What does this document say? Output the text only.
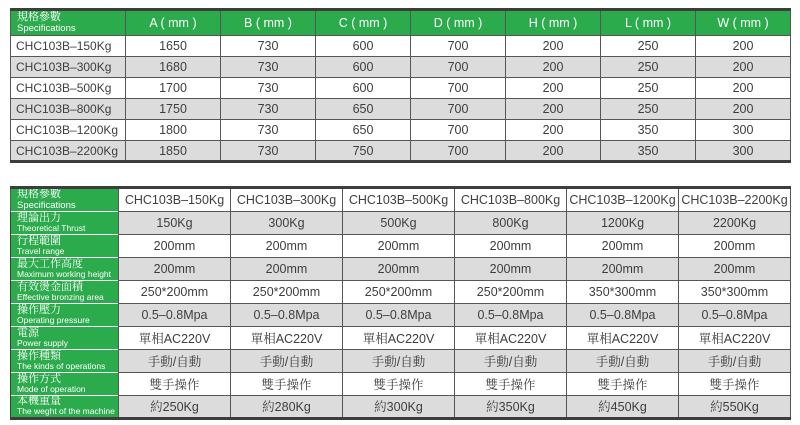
規格參數
Specifications	A ( mm )	B ( mm )	C ( mm )	D ( mm )	H ( mm )	L ( mm )	W ( mm )
CHC103B–150Kg	1650	730	600	700	200	250	200
CHC103B–300Kg	1680	730	600	700	200	250	200
CHC103B–500Kg	1700	730	600	700	200	250	200
CHC103B–800Kg	1750	730	650	700	200	250	200
CHC103B–1200Kg	1800	730	650	700	200	350	300
CHC103B–2200Kg	1850	730	750	700	200	350	300
規格參數
Specifications	CHC103B–150Kg	CHC103B–300Kg	CHC103B–500Kg	CHC103B–800Kg	CHC103B–1200Kg	CHC103B–2200Kg

理論出力
Theoretical Thrust	150Kg	300Kg	500Kg	800Kg	1200Kg	2200Kg

行程範圍
Travel range	200mm	200mm	200mm	200mm	200mm	200mm

最大工作高度
Maximum working height	200mm	200mm	200mm	200mm	200mm	200mm

有效燙金面積
Effective bronzing area	250*200mm	250*200mm	250*200mm	250*200mm	350*300mm	350*300mm

操作壓力
Operating pressure	0.5–0.8Mpa	0.5–0.8Mpa	0.5–0.8Mpa	0.5–0.8Mpa	0.5–0.8Mpa	0.5–0.8Mpa

電源
Power supply	單相AC220V	單相AC220V	單相AC220V	單相AC220V	單相AC220V	單相AC220V

操作種類
The kinds of operations	手動/自動	手動/自動	手動/自動	手動/自動	手動/自動	手動/自動

操作方式
Mode of operation	雙手操作	雙手操作	雙手操作	雙手操作	雙手操作	雙手操作

本機重量
The weght of the machine	約250Kg	約280Kg	約300Kg	約350Kg	約450Kg	約550Kg
